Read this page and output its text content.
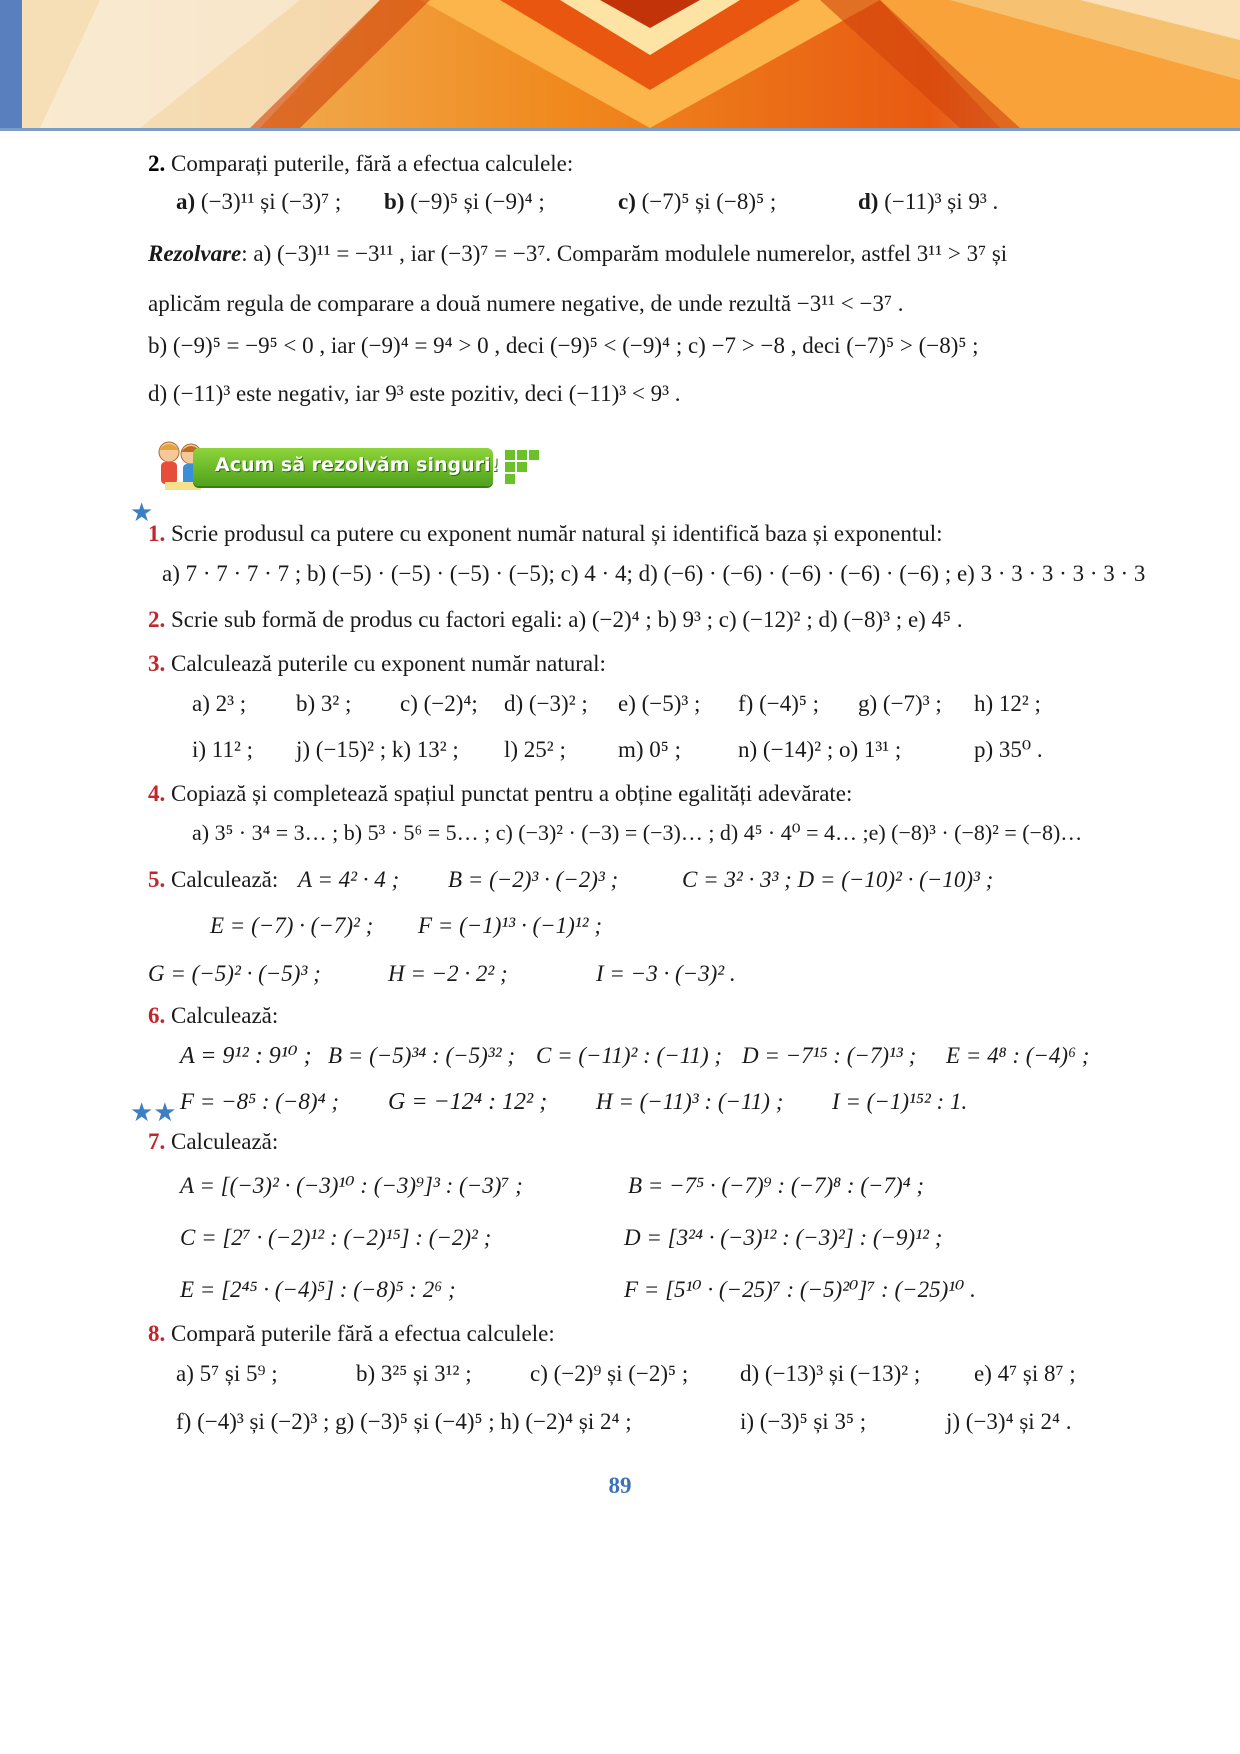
2. Comparați puterile, fără a efectua calculele:

a) (−3)¹¹ și (−3)⁷ ; b) (−9)⁵ și (−9)⁴ ;	c) (−7)⁵ și (−8)⁵ ;	d) (−11)³ și 9³ .

Rezolvare: a) (−3)¹¹ = −3¹¹ , iar (−3)⁷ = −3⁷. Comparăm modulele numerelor, astfel 3¹¹ > 3⁷ și

aplicăm regula de comparare a două numere negative, de unde rezultă −3¹¹ < −3⁷ .

b) (−9)⁵ = −9⁵ < 0 , iar (−9)⁴ = 9⁴ > 0 , deci (−9)⁵ < (−9)⁴ ; c) −7 > −8 , deci (−7)⁵ > (−8)⁵ ;

d) (−11)³ este negativ, iar 9³ este pozitiv, deci (−11)³ < 9³ .

Acum să rezolvăm singuri!
★
★★

1. Scrie produsul ca putere cu exponent număr natural și identifică baza și exponentul:

a) 7 · 7 · 7 · 7 ; b) (−5) · (−5) · (−5) · (−5); c) 4 · 4; d) (−6) · (−6) · (−6) · (−6) · (−6) ; e) 3 · 3 · 3 · 3 · 3 · 3

2. Scrie sub formă de produs cu factori egali: a) (−2)⁴ ; b) 9³ ; c) (−12)² ; d) (−8)³ ; e) 4⁵ .

3. Calculează puterile cu exponent număr natural:

a) 2³ ; b) 3² ; c) (−2)⁴; d) (−3)² ; e) (−5)³ ; f) (−4)⁵ ; g) (−7)³ ; h) 12² ;

i) 11² ; j) (−15)² ; k) 13² ; l) 25² ; m) 0⁵ ; n) (−14)² ; o) 1³¹ ;	p) 35⁰ .

4. Copiază și completează spațiul punctat pentru a obține egalități adevărate:

a) 3⁵ · 3⁴ = 3… ; b) 5³ · 5⁶ = 5… ; c) (−3)² · (−3) = (−3)… ; d) 4⁵ · 4⁰ = 4… ;e) (−8)³ · (−8)² = (−8)…

5. Calculează: A = 4² · 4 ; B = (−2)³ · (−2)³ ;	C = 3² · 3³ ; D = (−10)² · (−10)³ ;

E = (−7) · (−7)² ; F = (−1)¹³ · (−1)¹² ;

G = (−5)² · (−5)³ ;	H = −2 · 2² ;	I = −3 · (−3)² .

6. Calculează:

A = 9¹² : 9¹⁰ ; B = (−5)³⁴ : (−5)³² ; C = (−11)² : (−11) ; D = −7¹⁵ : (−7)¹³ ; E = 4⁸ : (−4)⁶ ;

F = −8⁵ : (−8)⁴ ; G = −12⁴ : 12² ; H = (−11)³ : (−11) ; I = (−1)¹⁵² : 1.

7. Calculează:

A = [(−3)² · (−3)¹⁰ : (−3)⁹]³ : (−3)⁷ ;	B = −7⁵ · (−7)⁹ : (−7)⁸ : (−7)⁴ ;

C = [2⁷ · (−2)¹² : (−2)¹⁵] : (−2)² ;	D = [3²⁴ · (−3)¹² : (−3)²] : (−9)¹² ;

E = [2⁴⁵ · (−4)⁵] : (−8)⁵ : 2⁶ ;	F = [5¹⁰ · (−25)⁷ : (−5)²⁰]⁷ : (−25)¹⁰ .

8. Compară puterile fără a efectua calculele:

a) 5⁷ și 5⁹ ;	b) 3²⁵ și 3¹² ;	c) (−2)⁹ și (−2)⁵ ; d) (−13)³ și (−13)² ; e) 4⁷ și 8⁷ ;

f) (−4)³ și (−2)³ ; g) (−3)⁵ și (−4)⁵ ; h) (−2)⁴ și 2⁴ ;	i) (−3)⁵ și 3⁵ ;	j) (−3)⁴ și 2⁴ .

89
